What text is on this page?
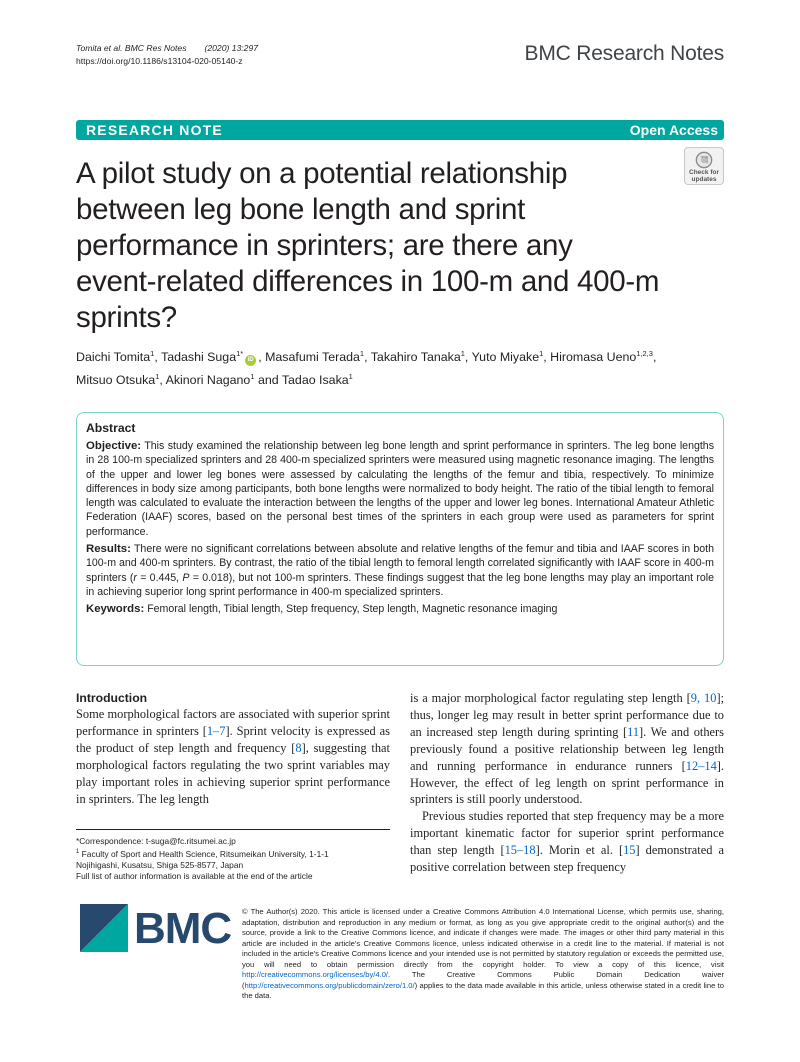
Tomita et al. BMC Res Notes (2020) 13:297
https://doi.org/10.1186/s13104-020-05140-z	BMC Research Notes
RESEARCH NOTE	Open Access
Check for
updates
A pilot study on a potential relationship
between leg bone length and sprint
performance in sprinters; are there any
event-related differences in 100-m and 400-m
sprints?
Daichi Tomita$^1$, Tadashi Suga$^{1*}$iD , Masafumi Terada$^1$, Takahiro Tanaka$^1$, Yuto Miyake$^1$, Hiromasa Ueno$^{1,2,3}$,
Mitsuo Otsuka$^1$, Akinori Nagano$^1$ and Tadao Isaka$^1$
Abstract

Objective: This study examined the relationship between leg bone length and sprint performance in sprinters. The leg bone lengths in 28 100-m specialized sprinters and 28 400-m specialized sprinters were measured using magnetic resonance imaging. The lengths of the upper and lower leg bones were assessed by calculating the lengths of the femur and tibia, respectively. To minimize differences in body size among participants, both bone lengths were normalized to body height. The ratio of the tibial length to femoral length was calculated to evaluate the interaction between the lengths of the upper and lower leg bones. International Amateur Athletic Federation (IAAF) scores, based on the personal best times of the sprinters in each group were used as parameters for sprint performance.

Results: There were no significant correlations between absolute and relative lengths of the femur and tibia and IAAF scores in both 100-m and 400-m sprinters. By contrast, the ratio of the tibial length to femoral length correlated significantly with IAAF score in 400-m sprinters (r = 0.445, P = 0.018), but not 100-m sprinters. These findings suggest that the leg bone lengths may play an important role in achieving superior long sprint performance in 400-m specialized sprinters.

Keywords: Femoral length, Tibial length, Step frequency, Step length, Magnetic resonance imaging

Introduction

Some morphological factors are associated with superior sprint performance in sprinters [1–7]. Sprint velocity is expressed as the product of step length and frequency [8], suggesting that morphological factors regulating the two sprint variables may play important roles in achieving superior sprint performance in sprinters. The leg length

*Correspondence: t-suga@fc.ritsumei.ac.jp
$^1$ Faculty of Sport and Health Science, Ritsumeikan University, 1-1-1
Nojihigashi, Kusatsu, Shiga 525-8577, Japan
Full list of author information is available at the end of the article

is a major morphological factor regulating step length [9, 10]; thus, longer leg may result in better sprint performance due to an increased step length during sprinting [11]. We and others previously found a positive relationship between leg length and running performance in endurance runners [12–14]. However, the effect of leg length on sprint performance in sprinters is still poorly understood.

Previous studies reported that step frequency may be a more important kinematic factor for superior sprint performance than step length [15–18]. Morin et al. [15] demonstrated a positive correlation between step frequency

BMC © The Author(s) 2020. This article is licensed under a Creative Commons Attribution 4.0 International License, which permits use, sharing, adaptation, distribution and reproduction in any medium or format, as long as you give appropriate credit to the original author(s) and the source, provide a link to the Creative Commons licence, and indicate if changes were made. The images or other third party material in this article are included in the article's Creative Commons licence, unless indicated otherwise in a credit line to the material. If material is not included in the article's Creative Commons licence and your intended use is not permitted by statutory regulation or exceeds the permitted use, you will need to obtain permission directly from the copyright holder. To view a copy of this licence, visit http://creativecommons.org/licenses/by/4.0/. The Creative Commons Public Domain Dedication waiver (http://creativecommons.org/publicdomain/zero/1.0/) applies to the data made available in this article, unless otherwise stated in a credit line to the data.
